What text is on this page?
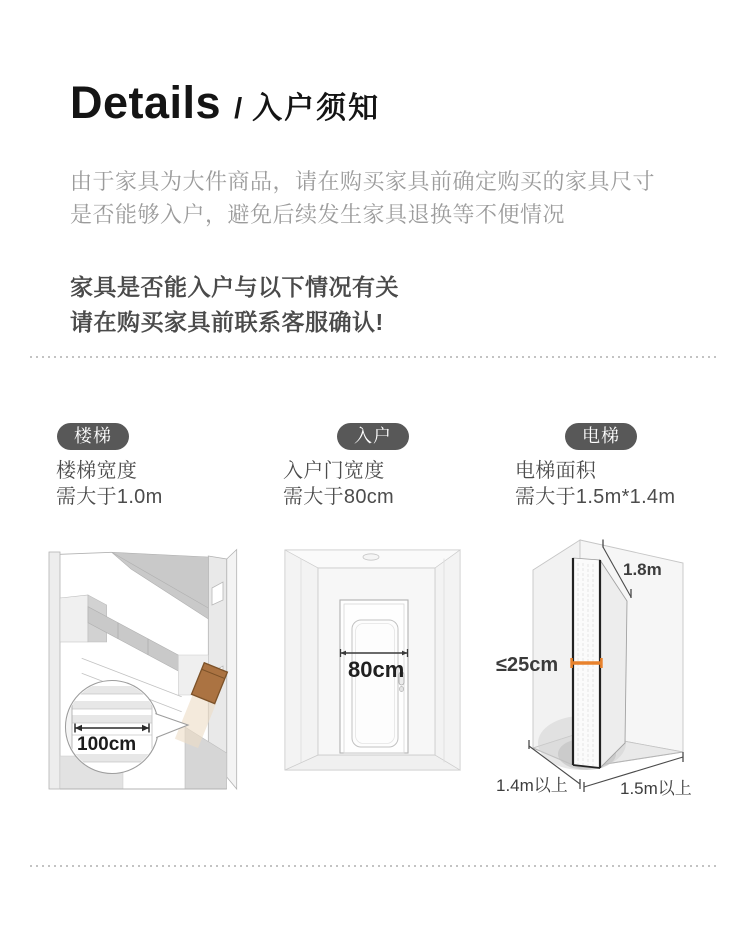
Details / 入户须知

由于家具为大件商品，请在购买家具前确定购买的家具尺寸
是否能够入户，避免后续发生家具退换等不便情况

家具是否能入户与以下情况有关
请在购买家具前联系客服确认!

楼梯	入户	电梯
楼梯宽度
需大于1.0m
入户门宽度
需大于80cm
电梯面积
需大于1.5m*1.4m
100cm
80cm
1.8m
≤25cm
1.4m以上	1.5m以上
